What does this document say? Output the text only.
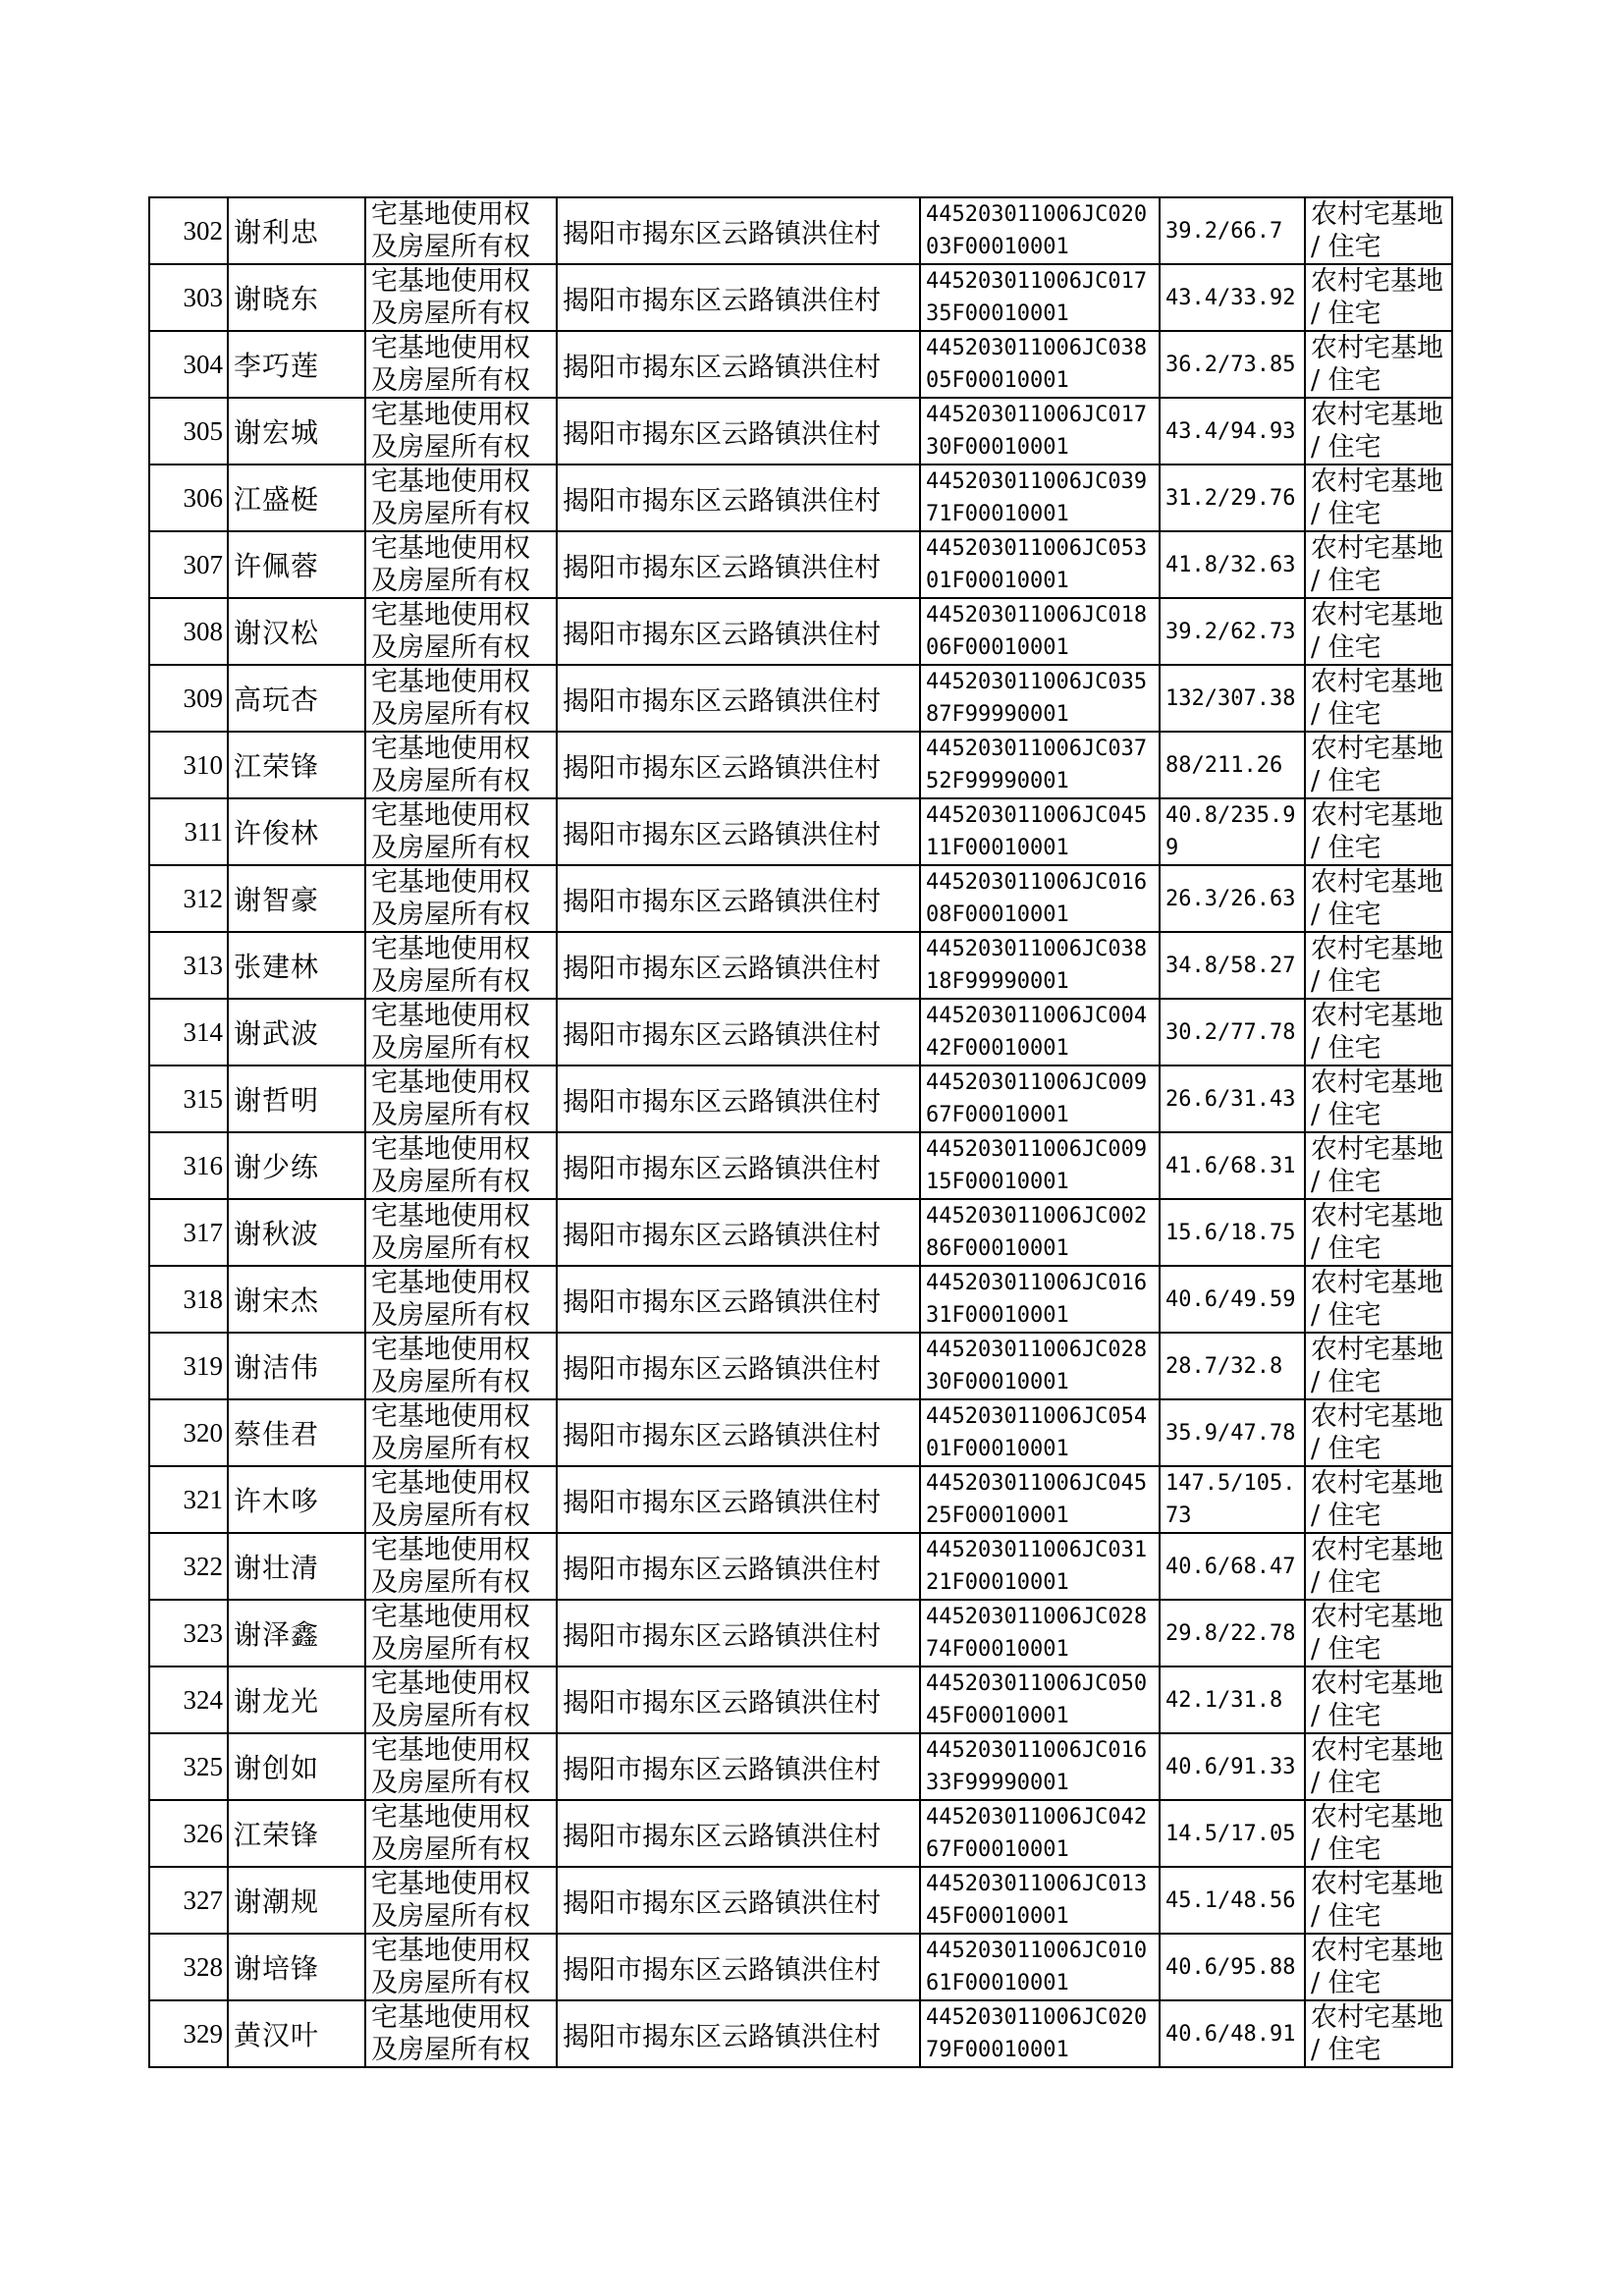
302	谢利忠	宅基地使用权及房屋所有权	揭阳市揭东区云路镇洪住村	445203011006JC02003F00010001	39.2/66.7	农村宅基地 / 住宅
303	谢晓东	宅基地使用权及房屋所有权	揭阳市揭东区云路镇洪住村	445203011006JC01735F00010001	43.4/33.92	农村宅基地 / 住宅
304	李巧莲	宅基地使用权及房屋所有权	揭阳市揭东区云路镇洪住村	445203011006JC03805F00010001	36.2/73.85	农村宅基地 / 住宅
305	谢宏城	宅基地使用权及房屋所有权	揭阳市揭东区云路镇洪住村	445203011006JC01730F00010001	43.4/94.93	农村宅基地 / 住宅
306	江盛梃	宅基地使用权及房屋所有权	揭阳市揭东区云路镇洪住村	445203011006JC03971F00010001	31.2/29.76	农村宅基地 / 住宅
307	许佩蓉	宅基地使用权及房屋所有权	揭阳市揭东区云路镇洪住村	445203011006JC05301F00010001	41.8/32.63	农村宅基地 / 住宅
308	谢汉松	宅基地使用权及房屋所有权	揭阳市揭东区云路镇洪住村	445203011006JC01806F00010001	39.2/62.73	农村宅基地 / 住宅
309	高玩杏	宅基地使用权及房屋所有权	揭阳市揭东区云路镇洪住村	445203011006JC03587F99990001	132/307.38	农村宅基地 / 住宅
310	江荣锋	宅基地使用权及房屋所有权	揭阳市揭东区云路镇洪住村	445203011006JC03752F99990001	88/211.26	农村宅基地 / 住宅
311	许俊林	宅基地使用权及房屋所有权	揭阳市揭东区云路镇洪住村	445203011006JC04511F00010001	40.8/235.99	农村宅基地 / 住宅
312	谢智豪	宅基地使用权及房屋所有权	揭阳市揭东区云路镇洪住村	445203011006JC01608F00010001	26.3/26.63	农村宅基地 / 住宅
313	张建林	宅基地使用权及房屋所有权	揭阳市揭东区云路镇洪住村	445203011006JC03818F99990001	34.8/58.27	农村宅基地 / 住宅
314	谢武波	宅基地使用权及房屋所有权	揭阳市揭东区云路镇洪住村	445203011006JC00442F00010001	30.2/77.78	农村宅基地 / 住宅
315	谢哲明	宅基地使用权及房屋所有权	揭阳市揭东区云路镇洪住村	445203011006JC00967F00010001	26.6/31.43	农村宅基地 / 住宅
316	谢少练	宅基地使用权及房屋所有权	揭阳市揭东区云路镇洪住村	445203011006JC00915F00010001	41.6/68.31	农村宅基地 / 住宅
317	谢秋波	宅基地使用权及房屋所有权	揭阳市揭东区云路镇洪住村	445203011006JC00286F00010001	15.6/18.75	农村宅基地 / 住宅
318	谢宋杰	宅基地使用权及房屋所有权	揭阳市揭东区云路镇洪住村	445203011006JC01631F00010001	40.6/49.59	农村宅基地 / 住宅
319	谢洁伟	宅基地使用权及房屋所有权	揭阳市揭东区云路镇洪住村	445203011006JC02830F00010001	28.7/32.8	农村宅基地 / 住宅
320	蔡佳君	宅基地使用权及房屋所有权	揭阳市揭东区云路镇洪住村	445203011006JC05401F00010001	35.9/47.78	农村宅基地 / 住宅
321	许木哆	宅基地使用权及房屋所有权	揭阳市揭东区云路镇洪住村	445203011006JC04525F00010001	147.5/105.73	农村宅基地 / 住宅
322	谢壮清	宅基地使用权及房屋所有权	揭阳市揭东区云路镇洪住村	445203011006JC03121F00010001	40.6/68.47	农村宅基地 / 住宅
323	谢泽鑫	宅基地使用权及房屋所有权	揭阳市揭东区云路镇洪住村	445203011006JC02874F00010001	29.8/22.78	农村宅基地 / 住宅
324	谢龙光	宅基地使用权及房屋所有权	揭阳市揭东区云路镇洪住村	445203011006JC05045F00010001	42.1/31.8	农村宅基地 / 住宅
325	谢创如	宅基地使用权及房屋所有权	揭阳市揭东区云路镇洪住村	445203011006JC01633F99990001	40.6/91.33	农村宅基地 / 住宅
326	江荣锋	宅基地使用权及房屋所有权	揭阳市揭东区云路镇洪住村	445203011006JC04267F00010001	14.5/17.05	农村宅基地 / 住宅
327	谢潮规	宅基地使用权及房屋所有权	揭阳市揭东区云路镇洪住村	445203011006JC01345F00010001	45.1/48.56	农村宅基地 / 住宅
328	谢培锋	宅基地使用权及房屋所有权	揭阳市揭东区云路镇洪住村	445203011006JC01061F00010001	40.6/95.88	农村宅基地 / 住宅
329	黄汉叶	宅基地使用权及房屋所有权	揭阳市揭东区云路镇洪住村	445203011006JC02079F00010001	40.6/48.91	农村宅基地 / 住宅
